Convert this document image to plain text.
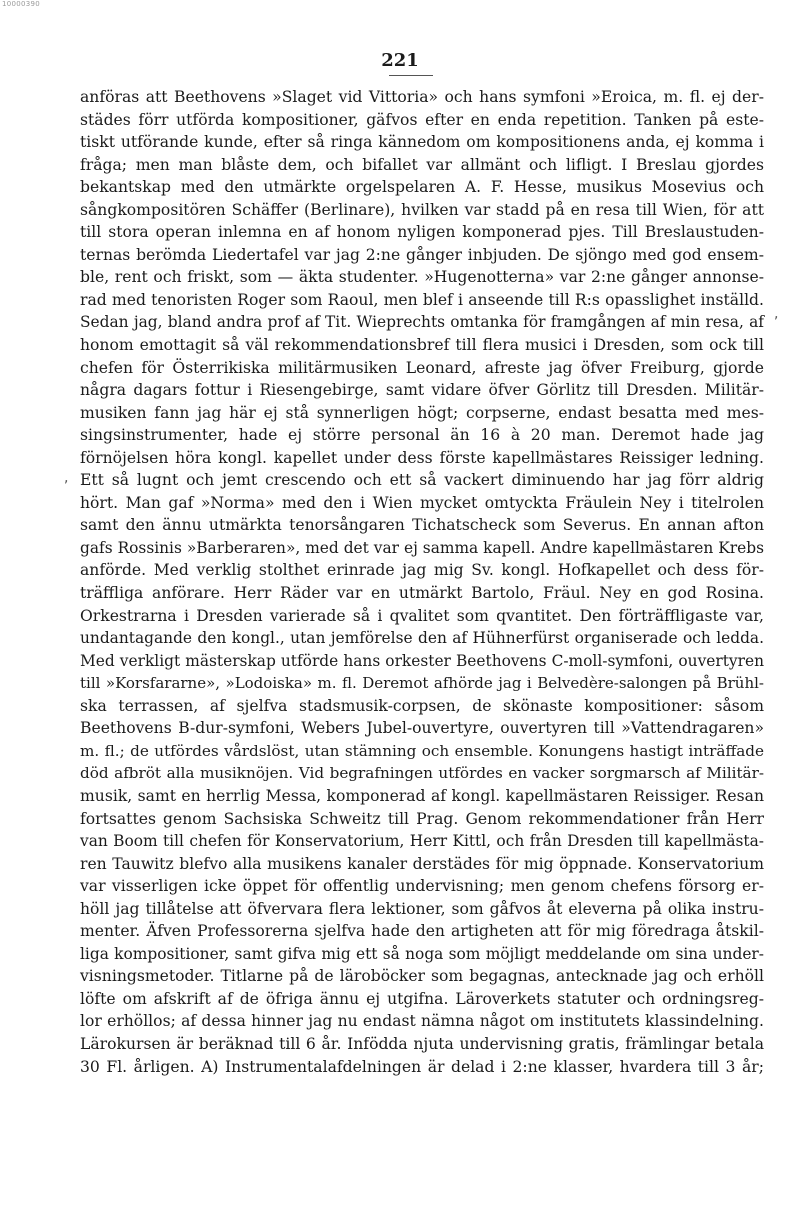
10000390
221
,
,
anföras att Beethovens »Slaget vid Vittoria» och hans symfoni »Eroica, m. fl. ej der-
städes förr utförda kompositioner, gäfvos efter en enda repetition. Tanken på este-
tiskt utförande kunde, efter så ringa kännedom om kompositionens anda, ej komma i
fråga; men man blåste dem, och bifallet var allmänt och lifligt. I Breslau gjordes
bekantskap med den utmärkte orgelspelaren A. F. Hesse, musikus Mosevius och
sångkompositören Schäffer (Berlinare), hvilken var stadd på en resa till Wien, för att
till stora operan inlemna en af honom nyligen komponerad pjes. Till Breslaustuden-
ternas berömda Liedertafel var jag 2:ne gånger inbjuden. De sjöngo med god ensem-
ble, rent och friskt, som — äkta studenter. »Hugenotterna» var 2:ne gånger annonse-
rad med tenoristen Roger som Raoul, men blef i anseende till R:s opasslighet inställd.
Sedan jag, bland andra prof af Tit. Wieprechts omtanka för framgången af min resa, af
honom emottagit så väl rekommendationsbref till flera musici i Dresden, som ock till
chefen för Österrikiska militärmusiken Leonard, afreste jag öfver Freiburg, gjorde
några dagars fottur i Riesengebirge, samt vidare öfver Görlitz till Dresden. Militär-
musiken fann jag här ej stå synnerligen högt; corpserne, endast besatta med mes-
singsinstrumenter, hade ej större personal än 16 à 20 man. Deremot hade jag
förnöjelsen höra kongl. kapellet under dess förste kapellmästares Reissiger ledning.
Ett så lugnt och jemt crescendo och ett så vackert diminuendo har jag förr aldrig
hört. Man gaf »Norma» med den i Wien mycket omtyckta Fräulein Ney i titelrolen
samt den ännu utmärkta tenorsångaren Tichatscheck som Severus. En annan afton
gafs Rossinis »Barberaren», med det var ej samma kapell. Andre kapellmästaren Krebs
anförde. Med verklig stolthet erinrade jag mig Sv. kongl. Hofkapellet och dess för-
träffliga anförare. Herr Räder var en utmärkt Bartolo, Fräul. Ney en god Rosina.
Orkestrarna i Dresden varierade så i qvalitet som qvantitet. Den förträffligaste var,
undantagande den kongl., utan jemförelse den af Hühnerfürst organiserade och ledda.
Med verkligt mästerskap utförde hans orkester Beethovens C-moll-symfoni, ouvertyren
till »Korsfararne», »Lodoiska» m. fl. Deremot afhörde jag i Belvedère-salongen på Brühl-
ska terrassen, af sjelfva stadsmusik-corpsen, de skönaste kompositioner: såsom
Beethovens B-dur-symfoni, Webers Jubel-ouvertyre, ouvertyren till »Vattendragaren»
m. fl.; de utfördes vårdslöst, utan stämning och ensemble. Konungens hastigt inträffade
död afbröt alla musiknöjen. Vid begrafningen utfördes en vacker sorgmarsch af Militär-
musik, samt en herrlig Messa, komponerad af kongl. kapellmästaren Reissiger. Resan
fortsattes genom Sachsiska Schweitz till Prag. Genom rekommendationer från Herr
van Boom till chefen för Konservatorium, Herr Kittl, och från Dresden till kapellmästa-
ren Tauwitz blefvo alla musikens kanaler derstädes för mig öppnade. Konservatorium
var visserligen icke öppet för offentlig undervisning; men genom chefens försorg er-
höll jag tillåtelse att öfvervara flera lektioner, som gåfvos åt eleverna på olika instru-
menter. Äfven Professorerna sjelfva hade den artigheten att för mig föredraga åtskil-
liga kompositioner, samt gifva mig ett så noga som möjligt meddelande om sina under-
visningsmetoder. Titlarne på de läroböcker som begagnas, antecknade jag och erhöll
löfte om afskrift af de öfriga ännu ej utgifna. Läroverkets statuter och ordningsreg-
lor erhöllos; af dessa hinner jag nu endast nämna något om institutets klassindelning.
Lärokursen är beräknad till 6 år. Infödda njuta undervisning gratis, främlingar betala
30 Fl. årligen. A) Instrumentalafdelningen är delad i 2:ne klasser, hvardera till 3 år;
